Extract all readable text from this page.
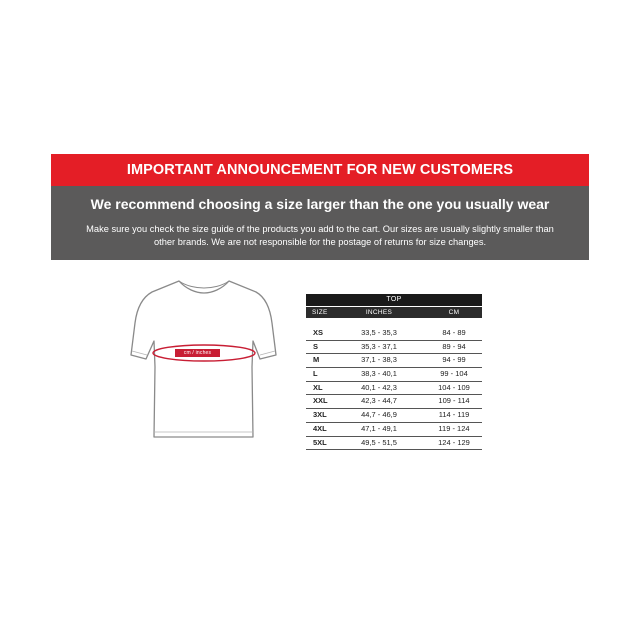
IMPORTANT ANNOUNCEMENT FOR NEW CUSTOMERS
We recommend choosing a size larger than the one you usually wear
Make sure you check the size guide of the products you add to the cart. Our sizes are usually slightly smaller than other brands. We are not responsible for the postage of returns for size changes.
cm / inches
TOP
SIZE	INCHES	CM
XS	33,5 - 35,3	84 - 89
S	35,3 - 37,1	89 - 94
M	37,1 - 38,3	94 - 99
L	38,3 - 40,1	99 - 104
XL	40,1 - 42,3	104 - 109
XXL	42,3 - 44,7	109 - 114
3XL	44,7 - 46,9	114 - 119
4XL	47,1 - 49,1	119 - 124
5XL	49,5 - 51,5	124 - 129
